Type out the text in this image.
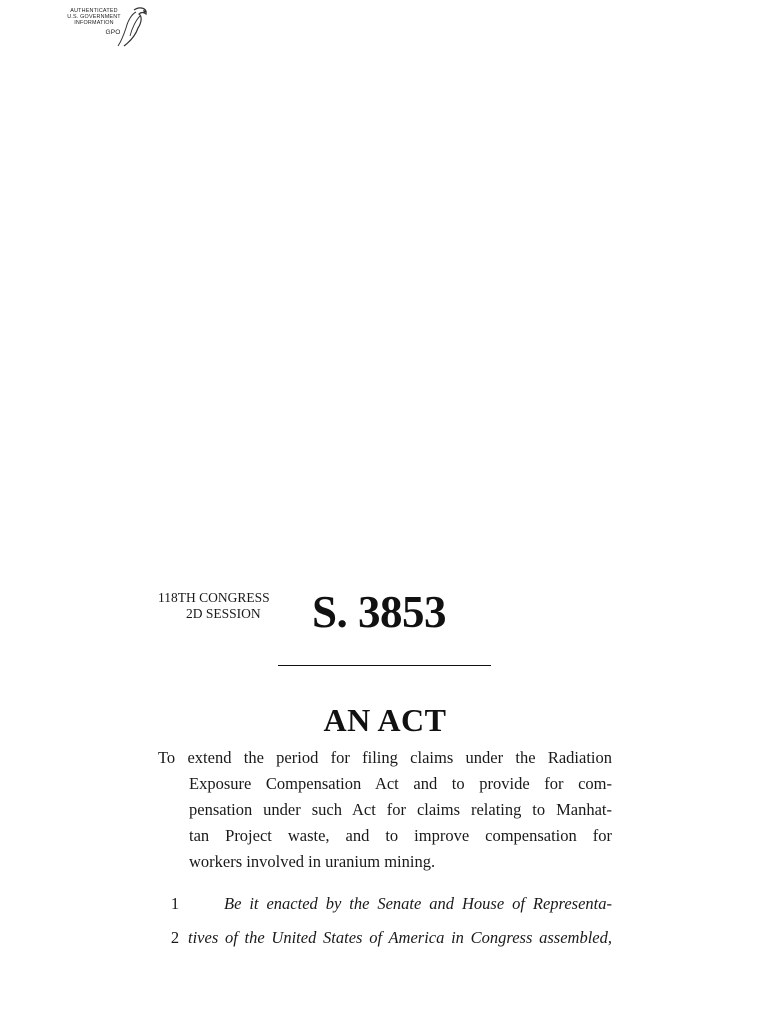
AUTHENTICATED
U.S. GOVERNMENT
INFORMATION
GPO
118TH CONGRESS
2D SESSION	S. 3853
AN ACT
To extend the period for filing claims under the Radiation
Exposure Compensation Act and to provide for com-
pensation under such Act for claims relating to Manhat-
tan Project waste, and to improve compensation for
workers involved in uranium mining.
1	Be it enacted by the Senate and House of Representa-
2 tives of the United States of America in Congress assembled,
